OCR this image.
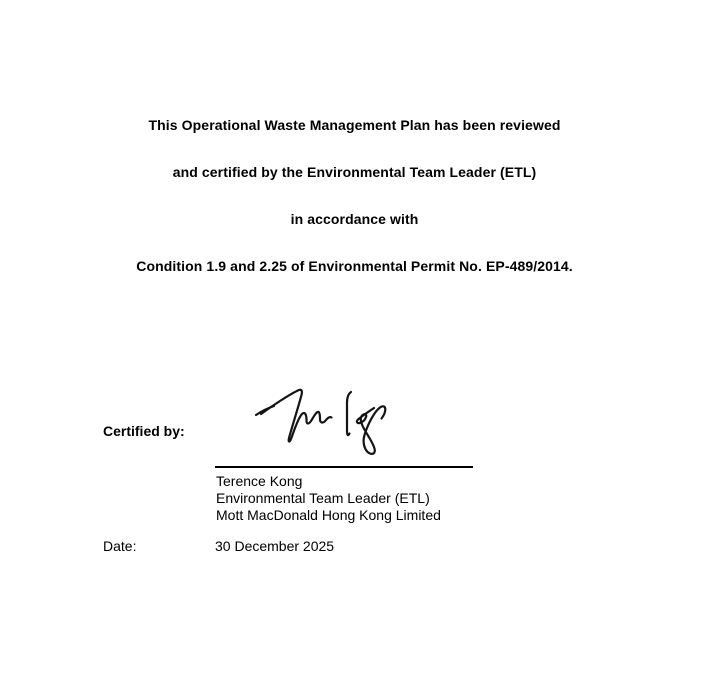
This Operational Waste Management Plan has been reviewed

and certified by the Environmental Team Leader (ETL)

in accordance with

Condition 1.9 and 2.25 of Environmental Permit No. EP-489/2014.

Certified by:
Terence Kong
Environmental Team Leader (ETL)
Mott MacDonald Hong Kong Limited
Date:	30 December 2025
